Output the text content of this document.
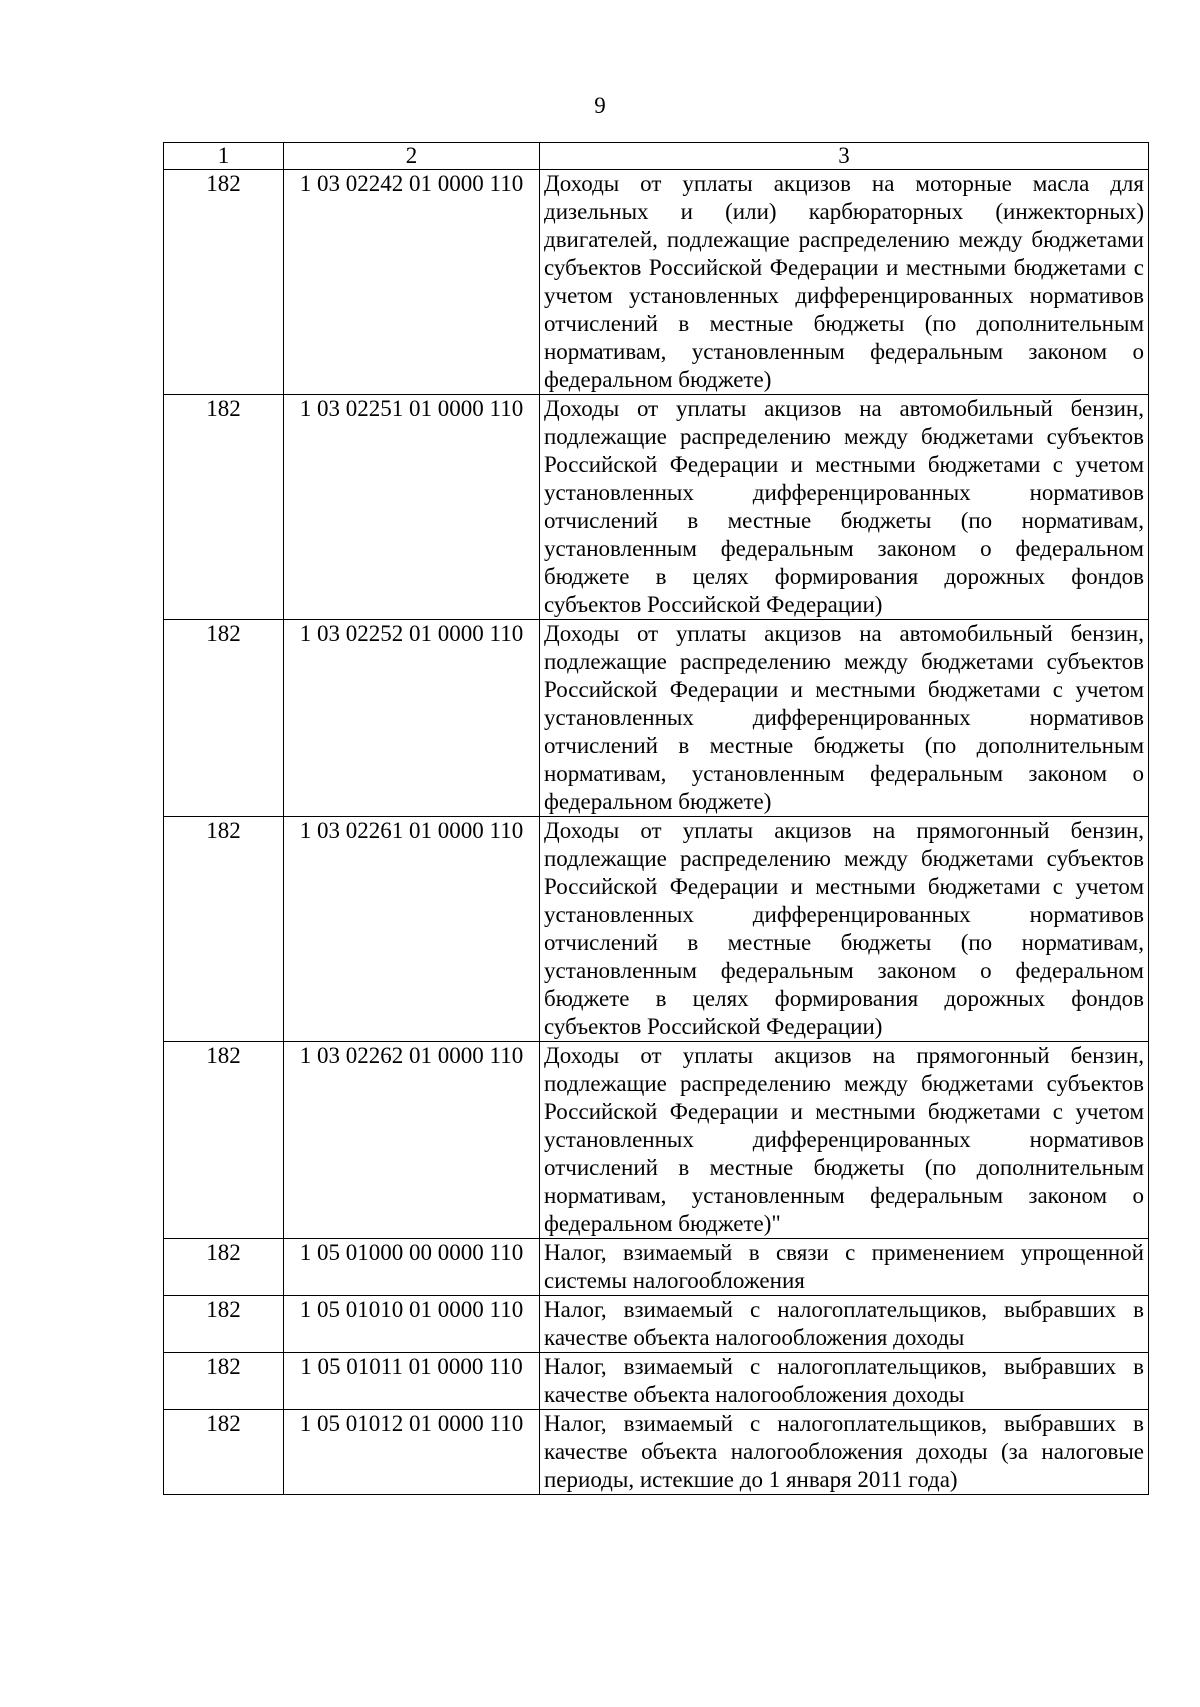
9
1	2	3
182	1 03 02242 01 0000 110	Доходы от уплаты акцизов на моторные масла для дизельных и (или) карбюраторных (инжекторных) двигателей, подлежащие распределению между бюджетами субъектов Российской Федерации и местными бюджетами с учетом установленных дифференцированных нормативов отчислений в местные бюджеты (по дополнительным нормативам, установленным федеральным законом о федеральном бюджете)
182	1 03 02251 01 0000 110	Доходы от уплаты акцизов на автомобильный бензин, подлежащие распределению между бюджетами субъектов Российской Федерации и местными бюджетами с учетом установленных дифференцированных нормативов отчислений в местные бюджеты (по нормативам, установленным федеральным законом о федеральном бюджете в целях формирования дорожных фондов субъектов Российской Федерации)
182	1 03 02252 01 0000 110	Доходы от уплаты акцизов на автомобильный бензин, подлежащие распределению между бюджетами субъектов Российской Федерации и местными бюджетами с учетом установленных дифференцированных нормативов отчислений в местные бюджеты (по дополнительным нормативам, установленным федеральным законом о федеральном бюджете)
182	1 03 02261 01 0000 110	Доходы от уплаты акцизов на прямогонный бензин, подлежащие распределению между бюджетами субъектов Российской Федерации и местными бюджетами с учетом установленных дифференцированных нормативов отчислений в местные бюджеты (по нормативам, установленным федеральным законом о федеральном бюджете в целях формирования дорожных фондов субъектов Российской Федерации)
182	1 03 02262 01 0000 110	Доходы от уплаты акцизов на прямогонный бензин, подлежащие распределению между бюджетами субъектов Российской Федерации и местными бюджетами с учетом установленных дифференцированных нормативов отчислений в местные бюджеты (по дополнительным нормативам, установленным федеральным законом о федеральном бюджете)"
182	1 05 01000 00 0000 110	Налог, взимаемый в связи с применением упрощенной системы налогообложения
182	1 05 01010 01 0000 110	Налог, взимаемый с налогоплательщиков, выбравших в качестве объекта налогообложения доходы
182	1 05 01011 01 0000 110	Налог, взимаемый с налогоплательщиков, выбравших в качестве объекта налогообложения доходы
182	1 05 01012 01 0000 110	Налог, взимаемый с налогоплательщиков, выбравших в качестве объекта налогообложения доходы (за налоговые периоды, истекшие до 1 января 2011 года)
